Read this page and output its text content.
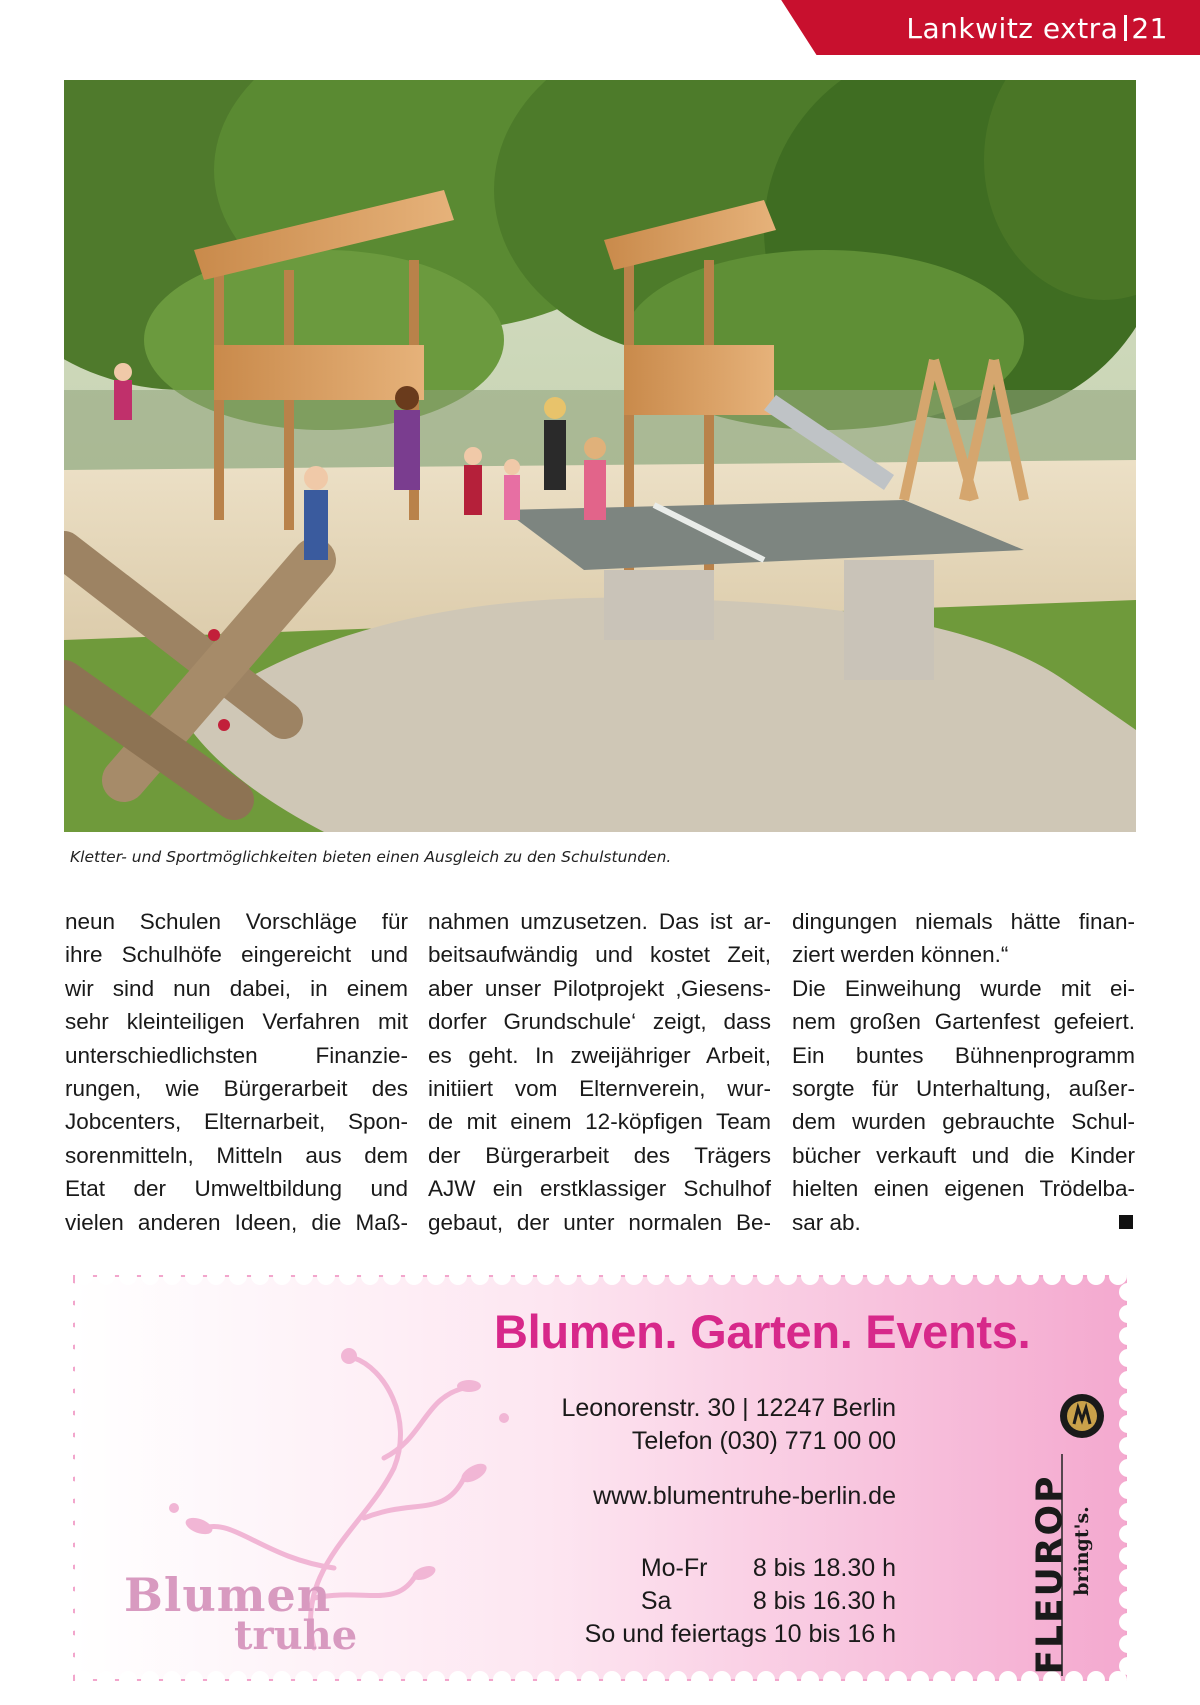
Lankwitz extra 21
Kletter- und Sportmöglichkeiten bieten einen Ausgleich zu den Schulstunden.
neun Schulen Vorschläge für
ihre Schulhöfe eingereicht und
wir sind nun dabei, in einem
sehr kleinteiligen Verfahren mit
unterschiedlichsten Finanzie-
rungen, wie Bürgerarbeit des
Jobcenters, Elternarbeit, Spon-
sorenmitteln, Mitteln aus dem
Etat der Umweltbildung und
vielen anderen Ideen, die Maß-
nahmen umzusetzen. Das ist ar-
beitsaufwändig und kostet Zeit,
aber unser Pilotprojekt ‚Giesens-
dorfer Grundschule‘ zeigt, dass
es geht. In zweijähriger Arbeit,
initiiert vom Elternverein, wur-
de mit einem 12-köpfigen Team
der Bürgerarbeit des Trägers
AJW ein erstklassiger Schulhof
gebaut, der unter normalen Be-
dingungen niemals hätte finan-
ziert werden können.“
Die Einweihung wurde mit ei-
nem großen Gartenfest gefeiert.
Ein buntes Bühnenprogramm
sorgte für Unterhaltung, außer-
dem wurden gebrauchte Schul-
bücher verkauft und die Kinder
hielten einen eigenen Trödelba-
sar ab.
Blumen
truhe
Blumen. Garten. Events.
Leonorenstr. 30 | 12247 Berlin
Telefon (030) 771 00 00
www.blumentruhe-berlin.de
Mo-Fr	8 bis 18.30 h
Sa	8 bis 16.30 h
So und feiertags 10 bis 16 h	FLEUROP bringt's.
